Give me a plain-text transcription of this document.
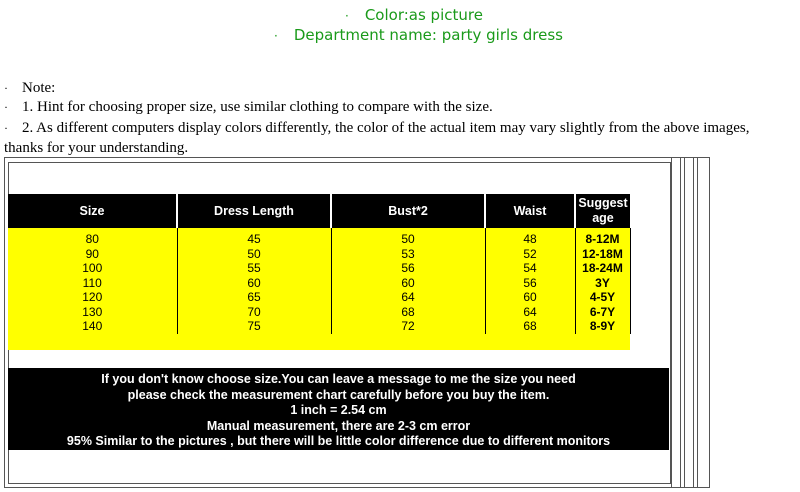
· Color:as picture
· Department name: party girls dress
· Note:
· 1. Hint for choosing proper size, use similar clothing to compare with the size.
· 2. As different computers display colors differently, the color of the actual item may vary slightly from the above images,
thanks for your understanding.
Size	Dress Length	Bust*2	Waist	Suggest
age

80	45	50	48	8-12M
90	50	53	52	12-18M
100	55	56	54	18-24M
110	60	60	56	3Y
120	65	64	60	4-5Y
130	70	68	64	6-7Y
140	75	72	68	8-9Y

If you don't know choose size.You can leave a message to me the size you need
please check the measurement chart carefully before you buy the item.
1 inch = 2.54 cm
Manual measurement, there are 2-3 cm error
95% Similar to the pictures , but there will be little color difference due to different monitors
